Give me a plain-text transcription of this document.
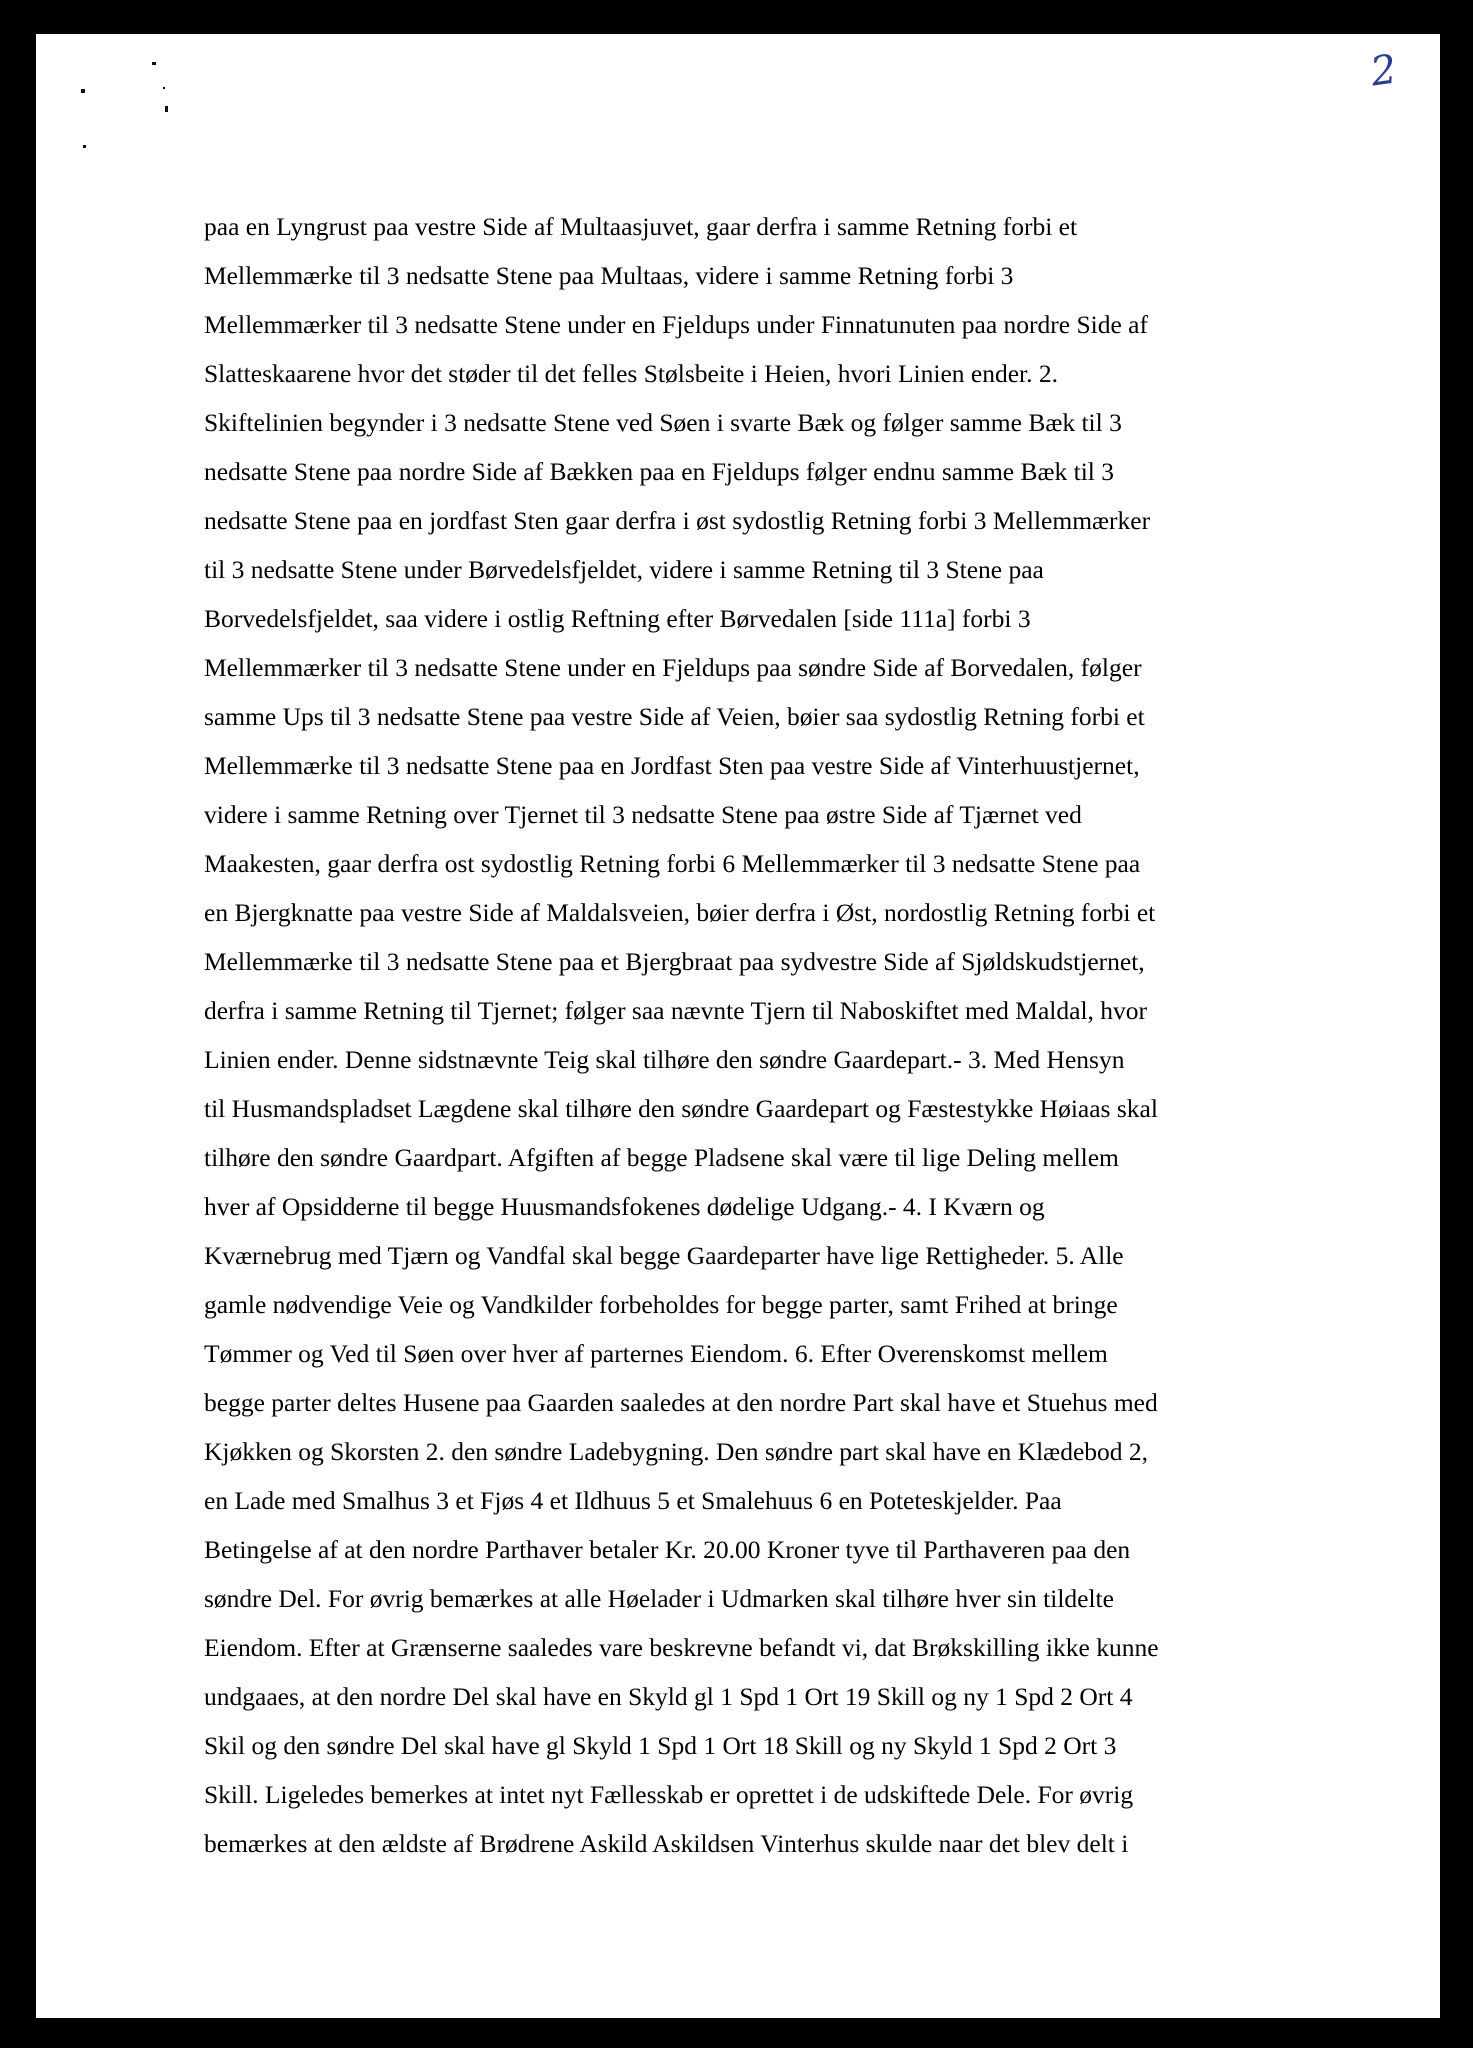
2
paa en Lyngrust paa vestre Side af Multaasjuvet, gaar derfra i samme Retning forbi et
Mellemmærke til 3 nedsatte Stene paa Multaas, videre i samme Retning forbi 3
Mellemmærker til 3 nedsatte Stene under en Fjeldups under Finnatunuten paa nordre Side af
Slatteskaarene hvor det støder til det felles Stølsbeite i Heien, hvori Linien ender. 2.
Skiftelinien begynder i 3 nedsatte Stene ved Søen i svarte Bæk og følger samme Bæk til 3
nedsatte Stene paa nordre Side af Bækken paa en Fjeldups følger endnu samme Bæk til 3
nedsatte Stene paa en jordfast Sten gaar derfra i øst sydostlig Retning forbi 3 Mellemmærker
til 3 nedsatte Stene under Børvedelsfjeldet, videre i samme Retning til 3 Stene paa
Borvedelsfjeldet, saa videre i ostlig Reftning efter Børvedalen [side 111a] forbi 3
Mellemmærker til 3 nedsatte Stene under en Fjeldups paa søndre Side af Borvedalen, følger
samme Ups til 3 nedsatte Stene paa vestre Side af Veien, bøier saa sydostlig Retning forbi et
Mellemmærke til 3 nedsatte Stene paa en Jordfast Sten paa vestre Side af Vinterhuustjernet,
videre i samme Retning over Tjernet til 3 nedsatte Stene paa østre Side af Tjærnet ved
Maakesten, gaar derfra ost sydostlig Retning forbi 6 Mellemmærker til 3 nedsatte Stene paa
en Bjergknatte paa vestre Side af Maldalsveien, bøier derfra i Øst, nordostlig Retning forbi et
Mellemmærke til 3 nedsatte Stene paa et Bjergbraat paa sydvestre Side af Sjøldskudstjernet,
derfra i samme Retning til Tjernet; følger saa nævnte Tjern til Naboskiftet med Maldal, hvor
Linien ender. Denne sidstnævnte Teig skal tilhøre den søndre Gaardepart.- 3. Med Hensyn
til Husmandspladset Lægdene skal tilhøre den søndre Gaardepart og Fæstestykke Høiaas skal
tilhøre den søndre Gaardpart. Afgiften af begge Pladsene skal være til lige Deling mellem
hver af Opsidderne til begge Huusmandsfokenes dødelige Udgang.- 4. I Kværn og
Kværnebrug med Tjærn og Vandfal skal begge Gaardeparter have lige Rettigheder. 5. Alle
gamle nødvendige Veie og Vandkilder forbeholdes for begge parter, samt Frihed at bringe
Tømmer og Ved til Søen over hver af parternes Eiendom. 6. Efter Overenskomst mellem
begge parter deltes Husene paa Gaarden saaledes at den nordre Part skal have et Stuehus med
Kjøkken og Skorsten 2. den søndre Ladebygning. Den søndre part skal have en Klædebod 2,
en Lade med Smalhus 3 et Fjøs 4 et Ildhuus 5 et Smalehuus 6 en Poteteskjelder. Paa
Betingelse af at den nordre Parthaver betaler Kr. 20.00 Kroner tyve til Parthaveren paa den
søndre Del. For øvrig bemærkes at alle Høelader i Udmarken skal tilhøre hver sin tildelte
Eiendom. Efter at Grænserne saaledes vare beskrevne befandt vi, dat Brøkskilling ikke kunne
undgaaes, at den nordre Del skal have en Skyld gl 1 Spd 1 Ort 19 Skill og ny 1 Spd 2 Ort 4
Skil og den søndre Del skal have gl Skyld 1 Spd 1 Ort 18 Skill og ny Skyld 1 Spd 2 Ort 3
Skill. Ligeledes bemerkes at intet nyt Fællesskab er oprettet i de udskiftede Dele. For øvrig
bemærkes at den ældste af Brødrene Askild Askildsen Vinterhus skulde naar det blev delt i
